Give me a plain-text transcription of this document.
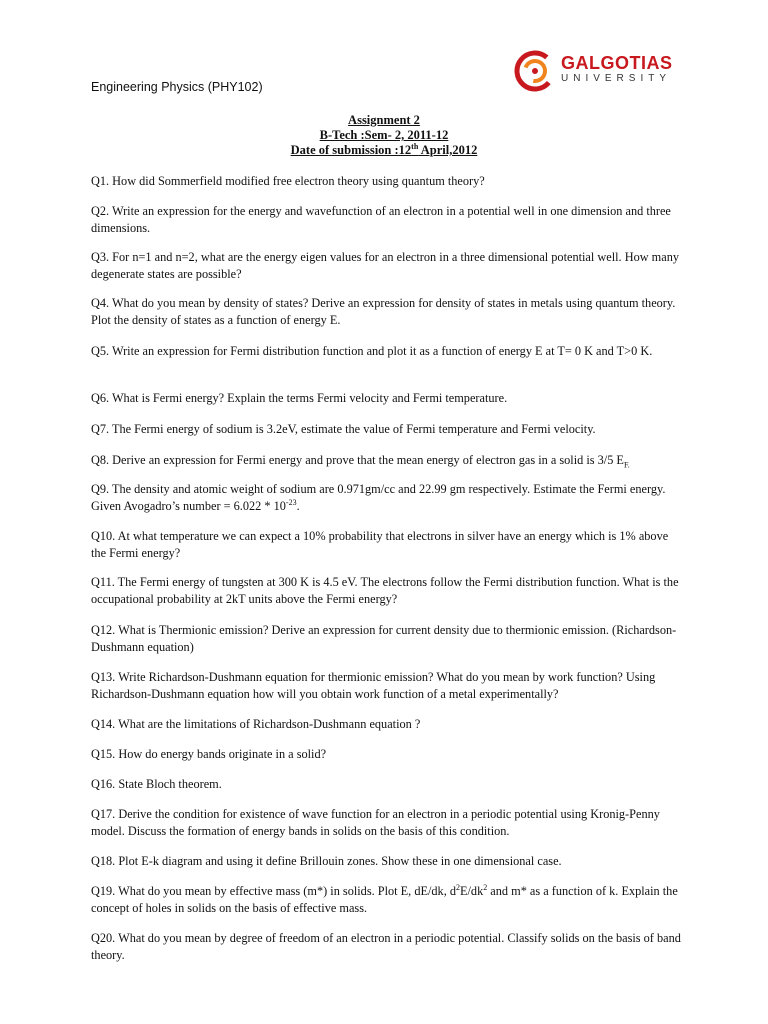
GALGOTIAS
UNIVERSITY
Engineering Physics (PHY102)
Assignment 2
B-Tech :Sem- 2, 2011-12
Date of submission :12th April,2012

Q1. How did Sommerfield modified free electron theory using quantum theory?

Q2. Write an expression for the energy and wavefunction of an electron in a potential well in one dimension and three dimensions.

Q3. For n=1 and n=2, what are the energy eigen values for an electron in a three dimensional potential well. How many degenerate states are possible?

Q4. What do you mean by density of states? Derive an expression for density of states in metals using quantum theory. Plot the density of states as a function of energy E.

Q5. Write an expression for Fermi distribution function and plot it as a function of energy E at T= 0 K and T>0 K.

Q6. What is Fermi energy? Explain the terms Fermi velocity and Fermi temperature.

Q7. The Fermi energy of sodium is 3.2eV, estimate the value of Fermi temperature and Fermi velocity.

Q8. Derive an expression for Fermi energy and prove that the mean energy of electron gas in a solid is 3/5 $E_{F.}$

Q9. The density and atomic weight of sodium are 0.971gm/cc and 22.99 gm respectively. Estimate the Fermi energy. Given Avogadro’s number = $6.022 * 10^{-23}$.

Q10. At what temperature we can expect a 10% probability that electrons in silver have an energy which is 1% above the Fermi energy?

Q11. The Fermi energy of tungsten at 300 K is 4.5 eV. The electrons follow the Fermi distribution function. What is the occupational probability at 2kT units above the Fermi energy?

Q12. What is Thermionic emission? Derive an expression for current density due to thermionic emission. (Richardson-Dushmann equation)

Q13. Write Richardson-Dushmann equation for thermionic emission? What do you mean by work function? Using Richardson-Dushmann equation how will you obtain work function of a metal experimentally?

Q14. What are the limitations of Richardson-Dushmann equation ?

Q15. How do energy bands originate in a solid?

Q16. State Bloch theorem.

Q17. Derive the condition for existence of wave function for an electron in a periodic potential using Kronig-Penny model. Discuss the formation of energy bands in solids on the basis of this condition.

Q18. Plot E-k diagram and using it define Brillouin zones. Show these in one dimensional case.

Q19. What do you mean by effective mass (m*) in solids. Plot E, dE/dk, $d^2E/dk^2$ and m* as a function of k. Explain the concept of holes in solids on the basis of effective mass.

Q20. What do you mean by degree of freedom of an electron in a periodic potential. Classify solids on the basis of band theory.
